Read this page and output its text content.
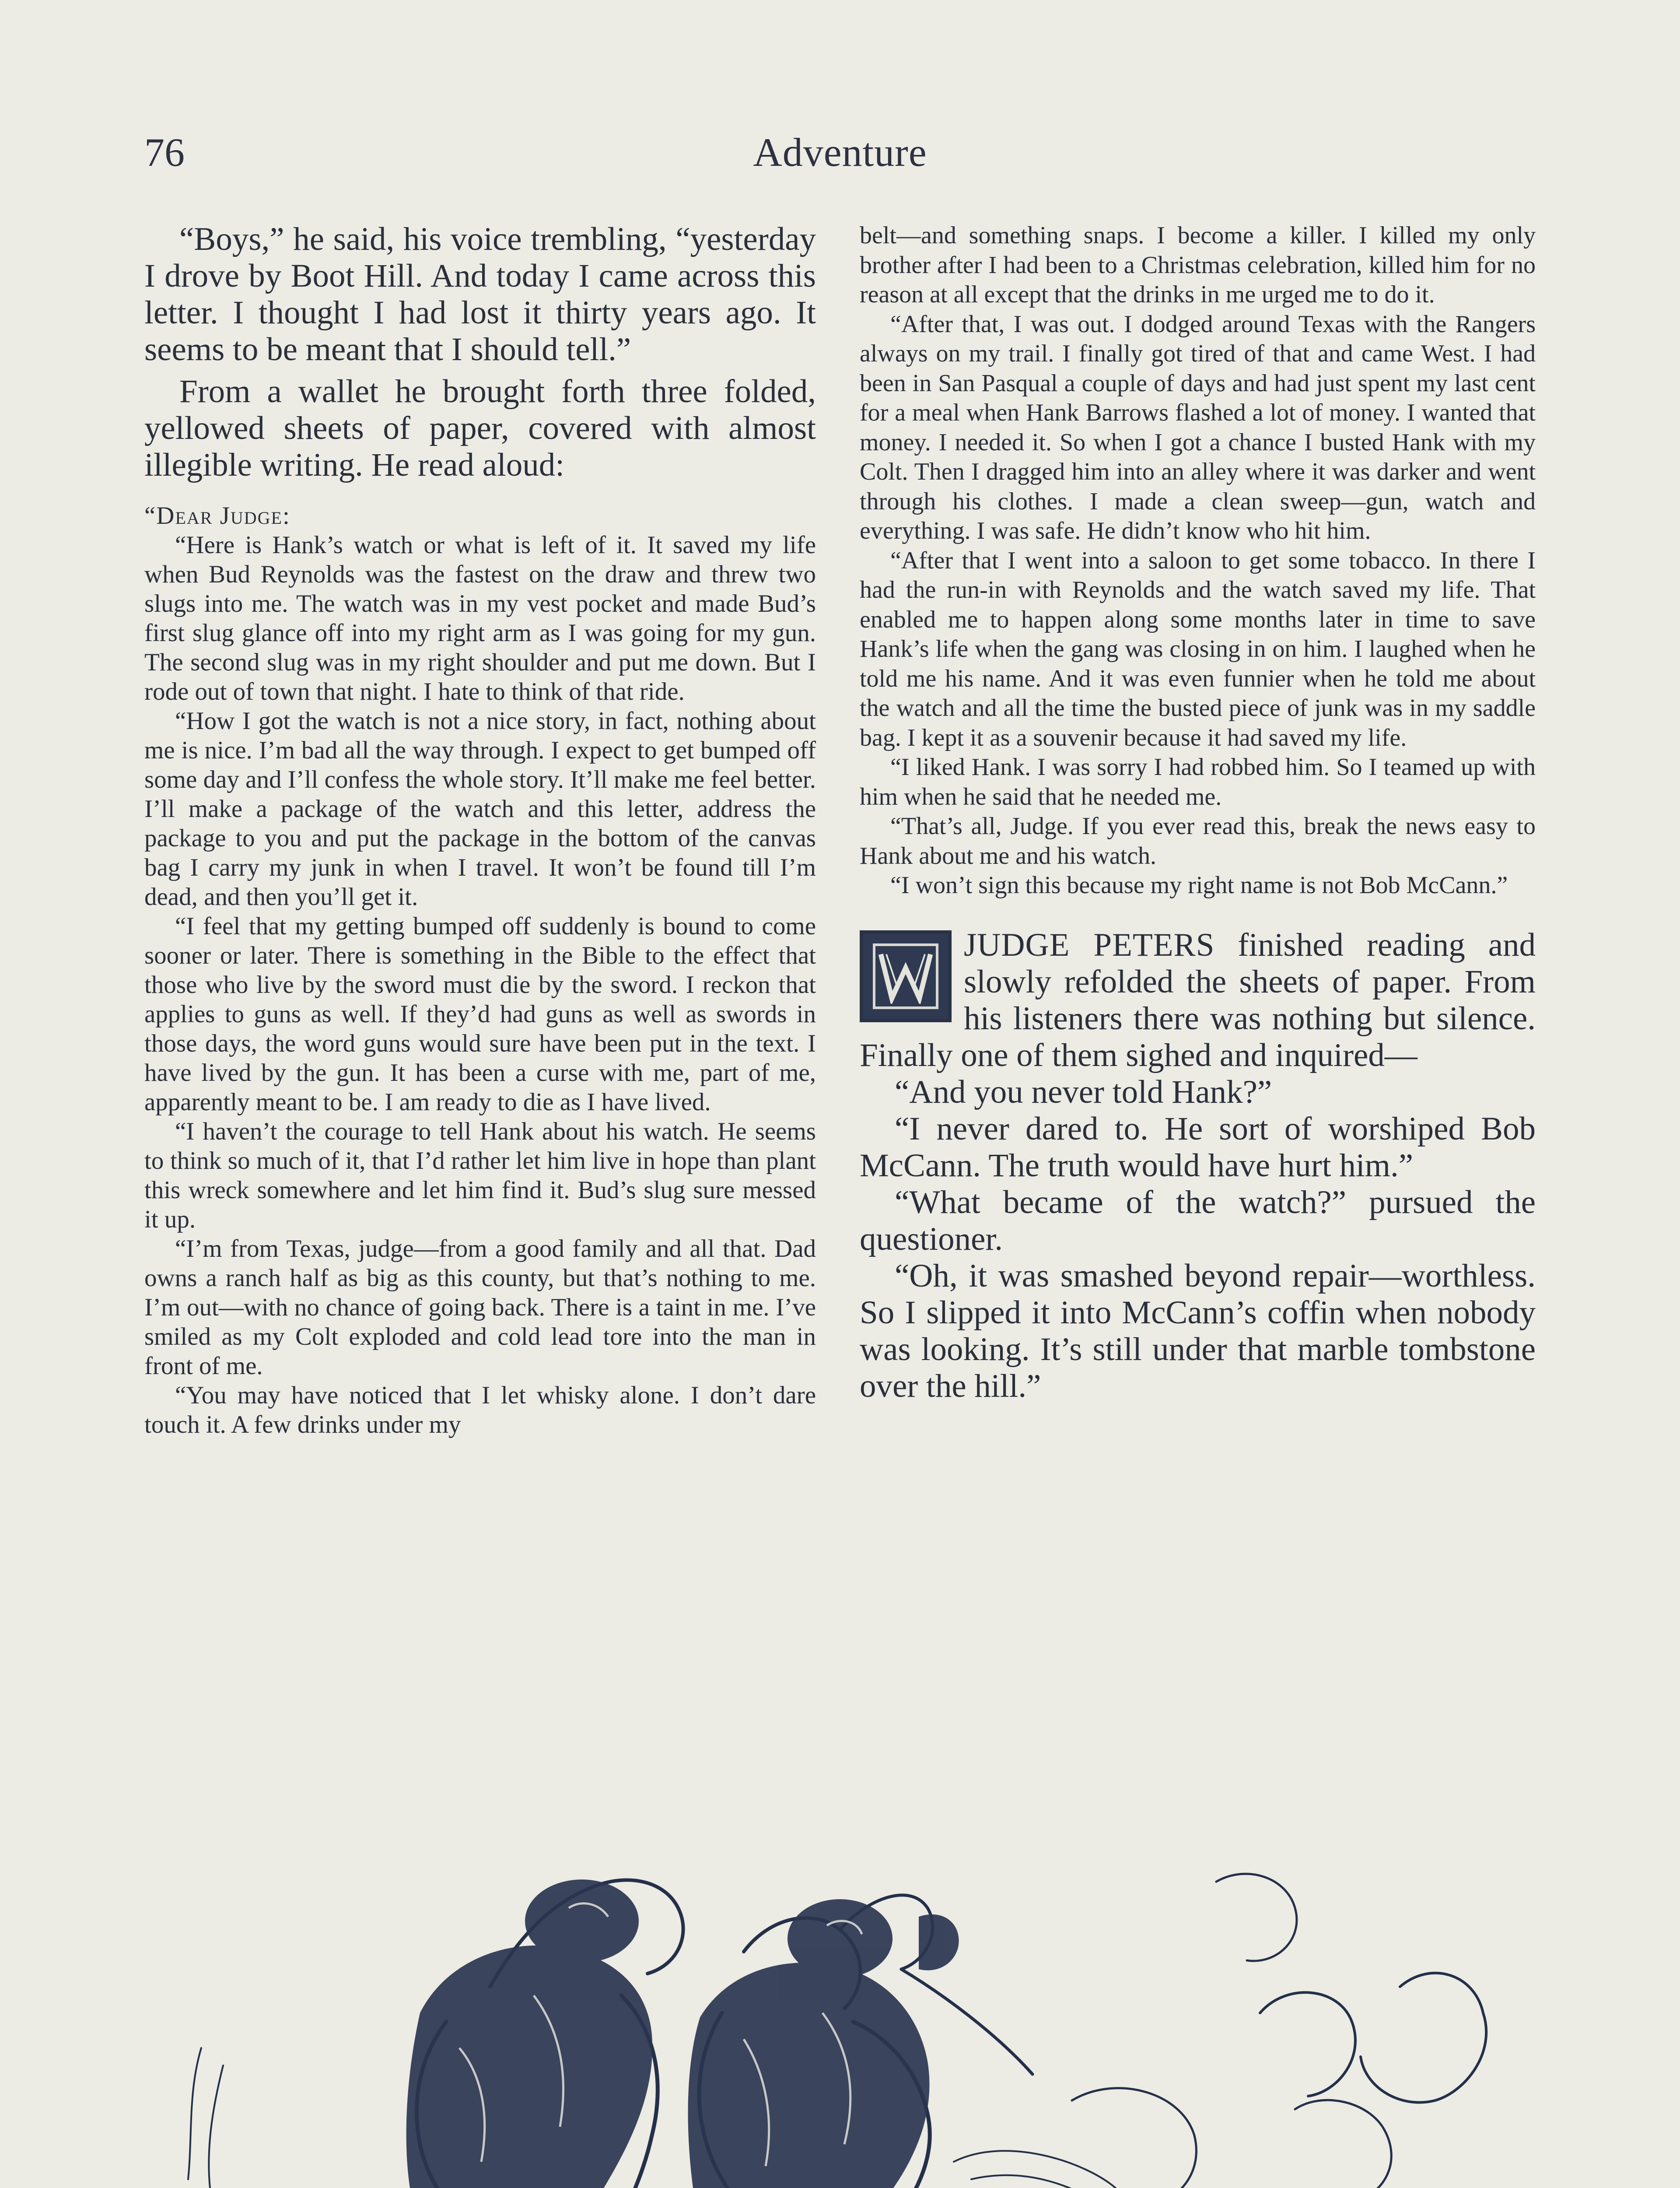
76	Adventure

“Boys,” he said, his voice trembling, “yesterday I drove by Boot Hill. And today I came across this letter. I thought I had lost it thirty years ago. It seems to be meant that I should tell.”

From a wallet he brought forth three folded, yellowed sheets of paper, covered with almost illegible writing. He read aloud:

“Dear Judge:

“Here is Hank’s watch or what is left of it. It saved my life when Bud Reynolds was the fastest on the draw and threw two slugs into me. The watch was in my vest pocket and made Bud’s first slug glance off into my right arm as I was going for my gun. The second slug was in my right shoulder and put me down. But I rode out of town that night. I hate to think of that ride.

“How I got the watch is not a nice story, in fact, nothing about me is nice. I’m bad all the way through. I expect to get bumped off some day and I’ll confess the whole story. It’ll make me feel better. I’ll make a package of the watch and this letter, address the package to you and put the package in the bottom of the canvas bag I carry my junk in when I travel. It won’t be found till I’m dead, and then you’ll get it.

“I feel that my getting bumped off suddenly is bound to come sooner or later. There is something in the Bible to the effect that those who live by the sword must die by the sword. I reckon that applies to guns as well. If they’d had guns as well as swords in those days, the word guns would sure have been put in the text. I have lived by the gun. It has been a curse with me, part of me, apparently meant to be. I am ready to die as I have lived.

“I haven’t the courage to tell Hank about his watch. He seems to think so much of it, that I’d rather let him live in hope than plant this wreck somewhere and let him find it. Bud’s slug sure messed it up.

“I’m from Texas, judge—from a good family and all that. Dad owns a ranch half as big as this county, but that’s nothing to me. I’m out—with no chance of going back. There is a taint in me. I’ve smiled as my Colt exploded and cold lead tore into the man in front of me.

“You may have noticed that I let whisky alone. I don’t dare touch it. A few drinks under my

belt—and something snaps. I become a killer. I killed my only brother after I had been to a Christmas celebration, killed him for no reason at all except that the drinks in me urged me to do it.

“After that, I was out. I dodged around Texas with the Rangers always on my trail. I finally got tired of that and came West. I had been in San Pasqual a couple of days and had just spent my last cent for a meal when Hank Barrows flashed a lot of money. I wanted that money. I needed it. So when I got a chance I busted Hank with my Colt. Then I dragged him into an alley where it was darker and went through his clothes. I made a clean sweep—gun, watch and everything. I was safe. He didn’t know who hit him.

“After that I went into a saloon to get some tobacco. In there I had the run-in with Reynolds and the watch saved my life. That enabled me to happen along some months later in time to save Hank’s life when the gang was closing in on him. I laughed when he told me his name. And it was even funnier when he told me about the watch and all the time the busted piece of junk was in my saddle bag. I kept it as a souvenir because it had saved my life.

“I liked Hank. I was sorry I had robbed him. So I teamed up with him when he said that he needed me.

“That’s all, Judge. If you ever read this, break the news easy to Hank about me and his watch.

“I won’t sign this because my right name is not Bob McCann.”

JUDGE PETERS finished reading and slowly refolded the sheets of paper. From his listeners there was nothing but silence. Finally one of them sighed and inquired—

“And you never told Hank?”

“I never dared to. He sort of worshiped Bob McCann. The truth would have hurt him.”

“What became of the watch?” pursued the questioner.

“Oh, it was smashed beyond repair—worthless. So I slipped it into McCann’s coffin when nobody was looking. It’s still under that marble tombstone over the hill.”
